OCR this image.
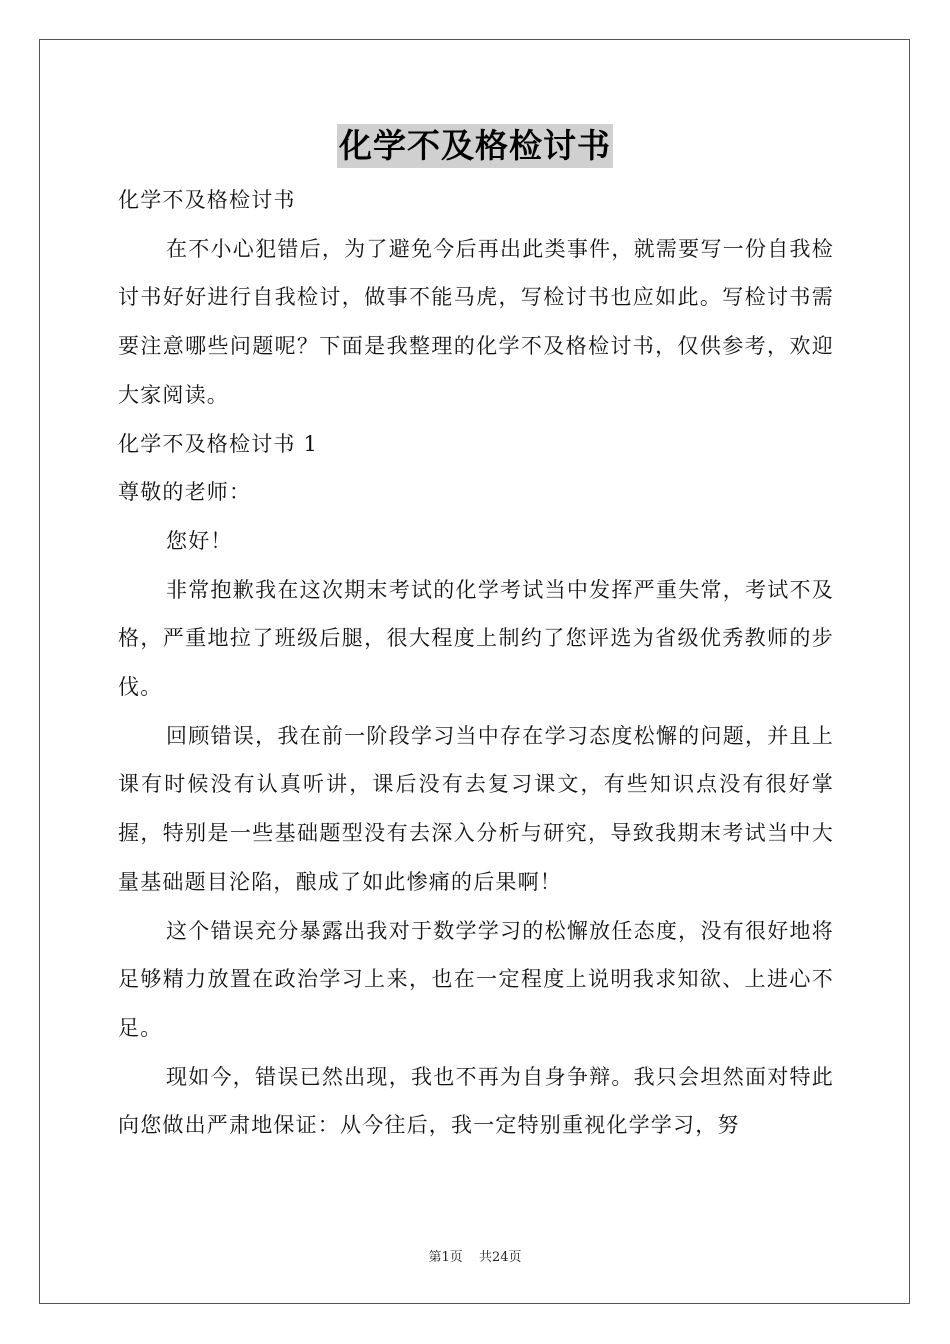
化学不及格检讨书

化学不及格检讨书

在不小心犯错后，为了避免今后再出此类事件，就需要写一份自我检讨书好好进行自我检讨，做事不能马虎，写检讨书也应如此。写检讨书需要注意哪些问题呢？下面是我整理的化学不及格检讨书，仅供参考，欢迎大家阅读。

化学不及格检讨书 1

尊敬的老师：

您好！

非常抱歉我在这次期末考试的化学考试当中发挥严重失常，考试不及格，严重地拉了班级后腿，很大程度上制约了您评选为省级优秀教师的步伐。

回顾错误，我在前一阶段学习当中存在学习态度松懈的问题，并且上课有时候没有认真听讲，课后没有去复习课文，有些知识点没有很好掌握，特别是一些基础题型没有去深入分析与研究，导致我期末考试当中大量基础题目沦陷，酿成了如此惨痛的后果啊！

这个错误充分暴露出我对于数学学习的松懈放任态度，没有很好地将足够精力放置在政治学习上来，也在一定程度上说明我求知欲、上进心不足。

现如今，错误已然出现，我也不再为自身争辩。我只会坦然面对特此向您做出严肃地保证：从今往后，我一定特别重视化学学习，努

第1页 共24页
